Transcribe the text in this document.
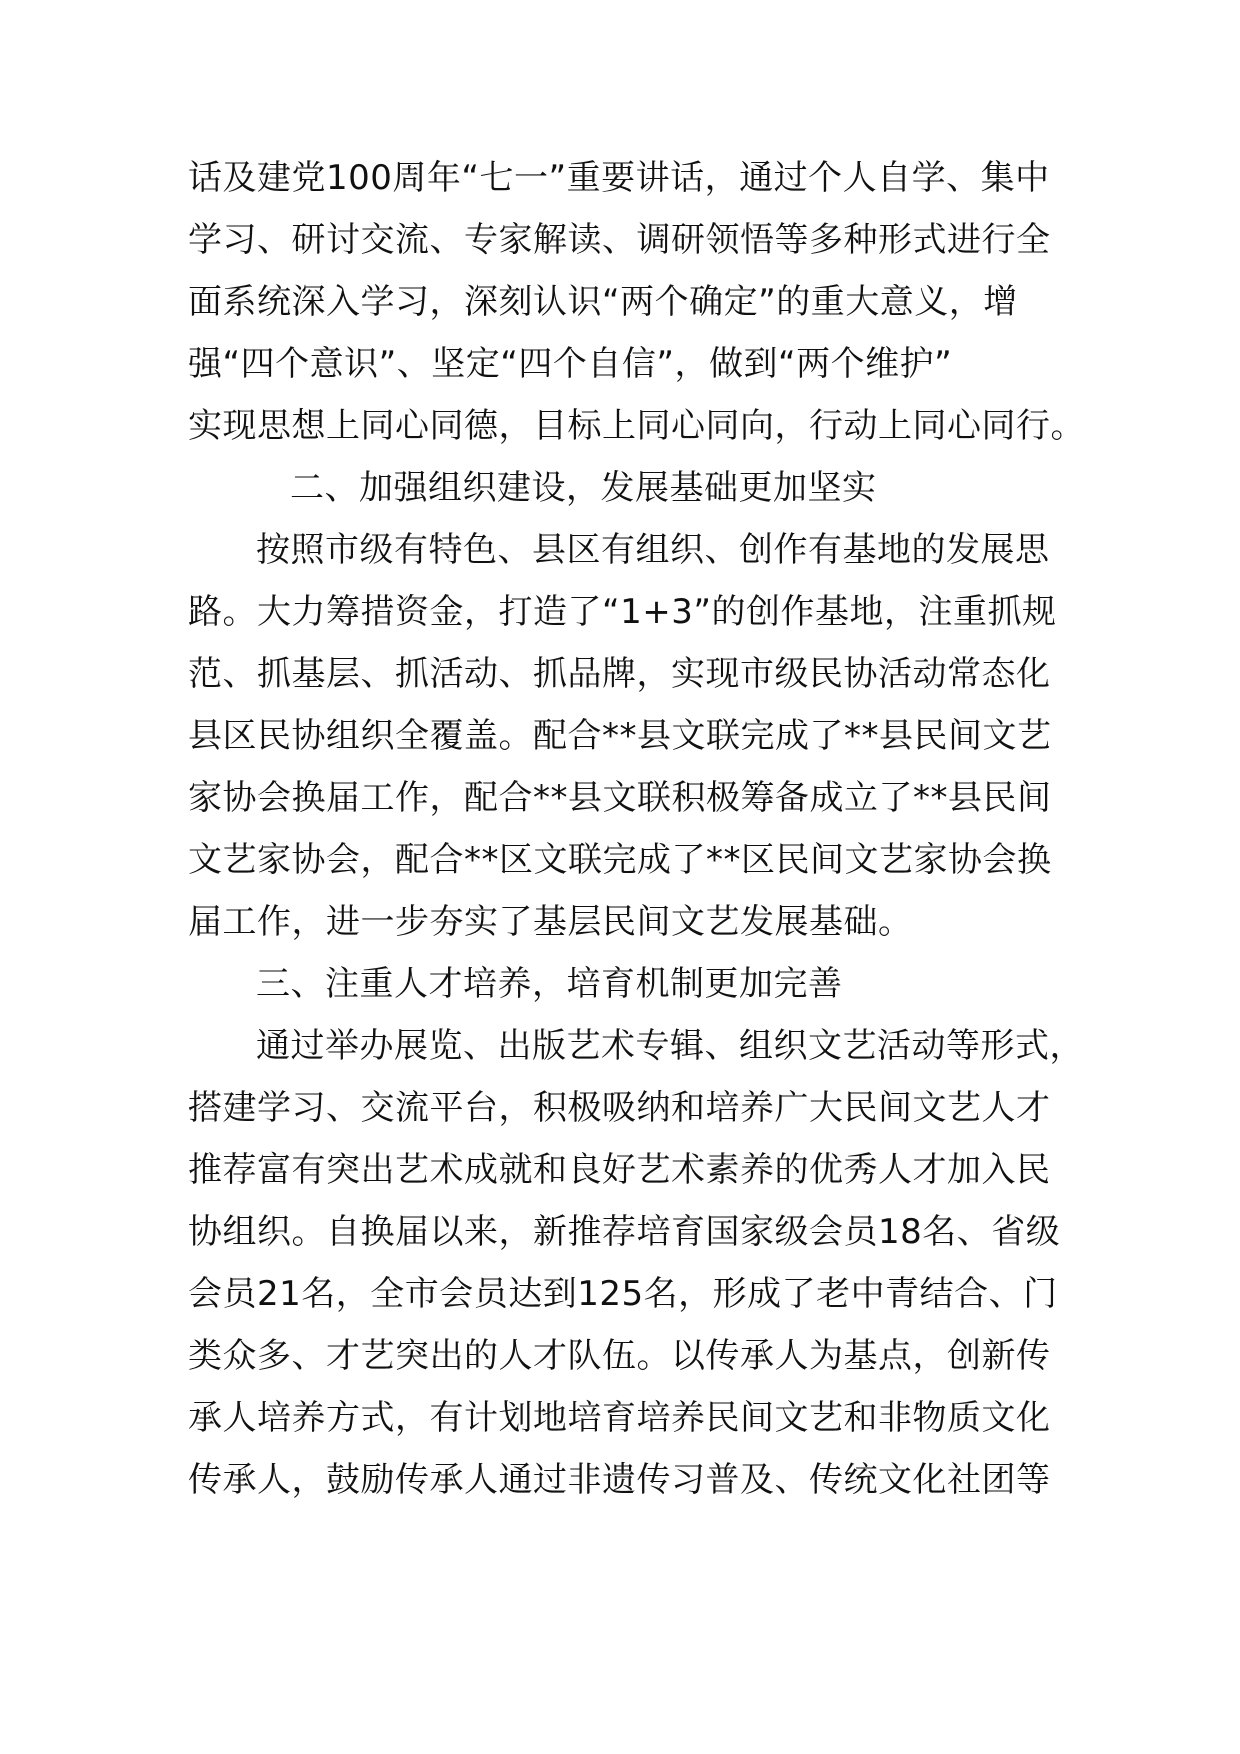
话及建党100周年“七一”重要讲话，通过个人自学、集中
学习、研讨交流、专家解读、调研领悟等多种形式进行全
面系统深入学习，深刻认识“两个确定”的重大意义，增
强“四个意识”、坚定“四个自信”，做到“两个维护”
实现思想上同心同德，目标上同心同向，行动上同心同行。
二、加强组织建设，发展基础更加坚实
按照市级有特色、县区有组织、创作有基地的发展思
路。大力筹措资金，打造了“1+3”的创作基地，注重抓规
范、抓基层、抓活动、抓品牌，实现市级民协活动常态化
县区民协组织全覆盖。配合**县文联完成了**县民间文艺
家协会换届工作，配合**县文联积极筹备成立了**县民间
文艺家协会，配合**区文联完成了**区民间文艺家协会换
届工作，进一步夯实了基层民间文艺发展基础。
三、注重人才培养，培育机制更加完善
通过举办展览、出版艺术专辑、组织文艺活动等形式，
搭建学习、交流平台，积极吸纳和培养广大民间文艺人才
推荐富有突出艺术成就和良好艺术素养的优秀人才加入民
协组织。自换届以来，新推荐培育国家级会员18名、省级
会员21名，全市会员达到125名，形成了老中青结合、门
类众多、才艺突出的人才队伍。以传承人为基点，创新传
承人培养方式，有计划地培育培养民间文艺和非物质文化
传承人，鼓励传承人通过非遗传习普及、传统文化社团等
